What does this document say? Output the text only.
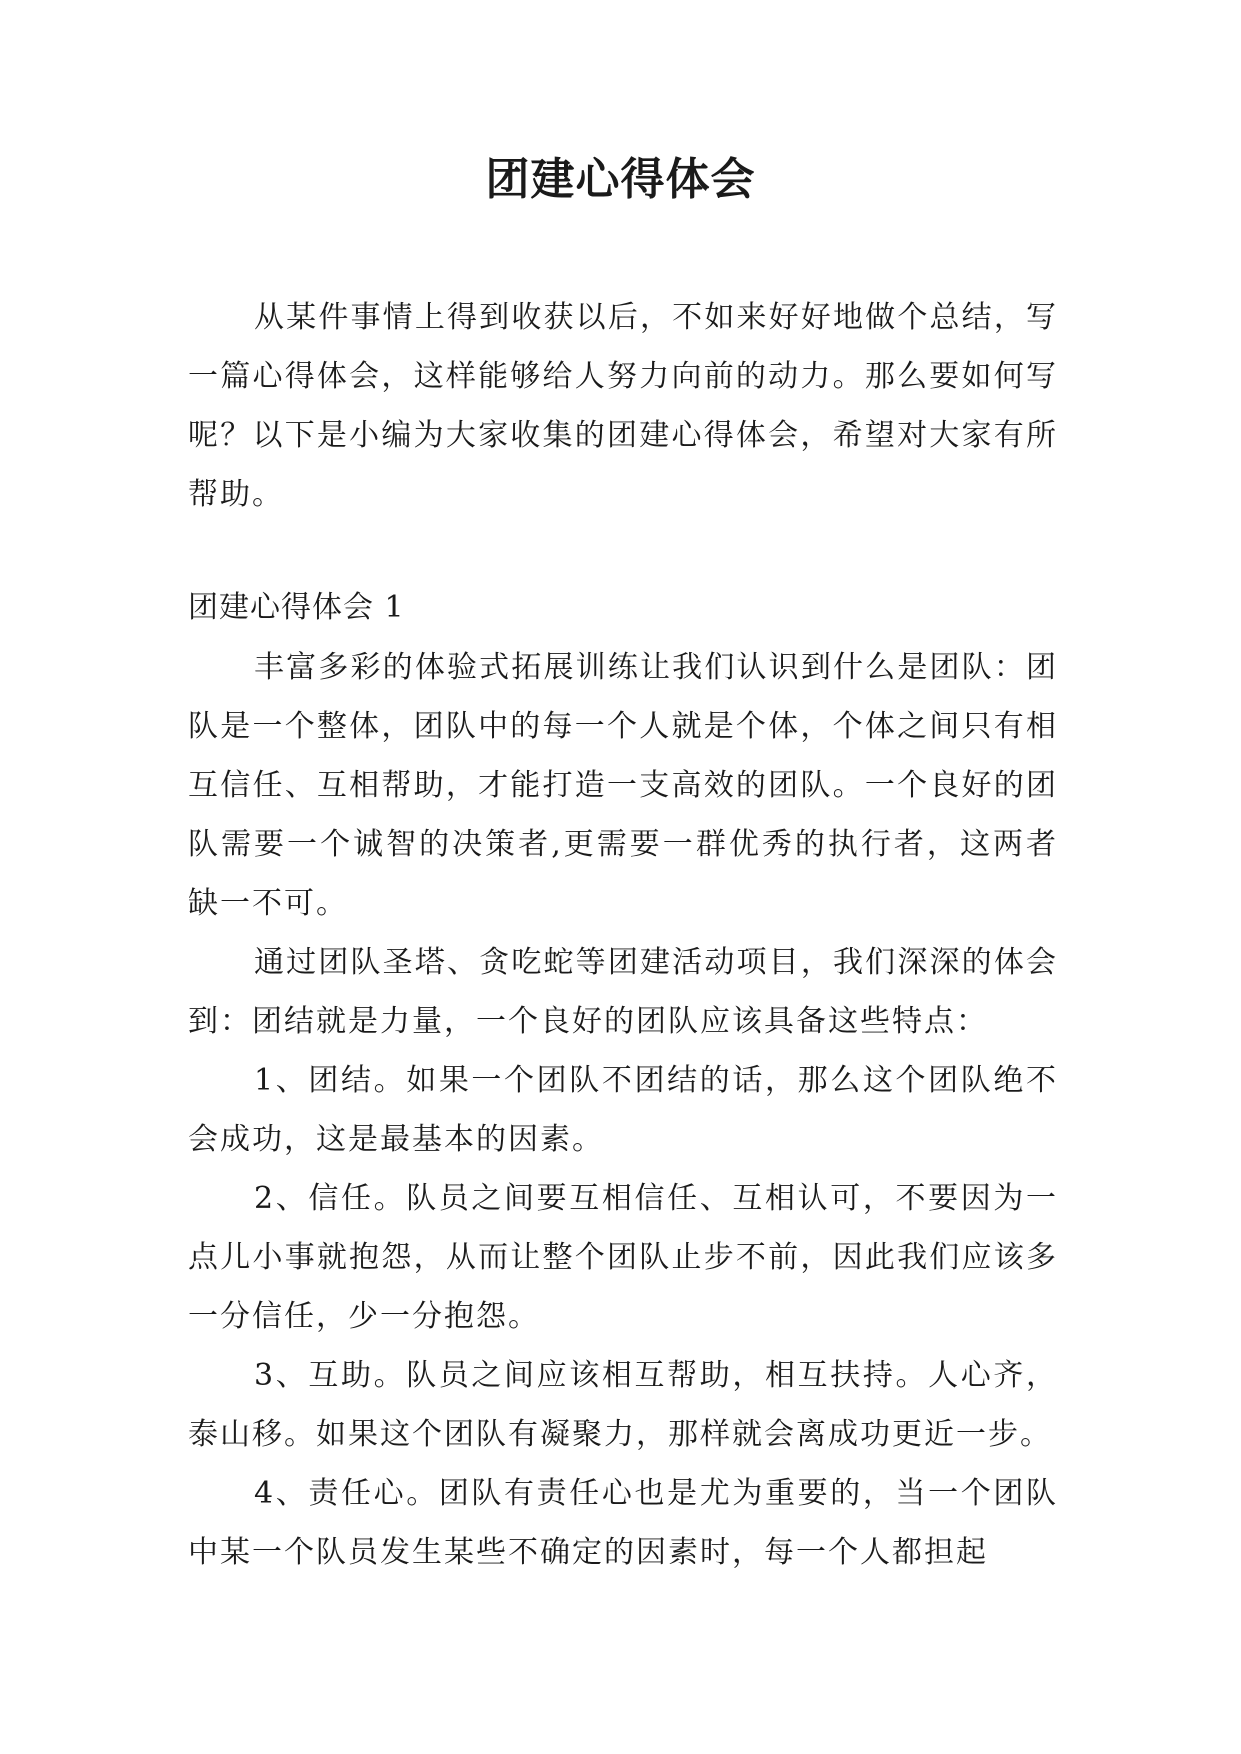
团建心得体会

从某件事情上得到收获以后，不如来好好地做个总结，写一篇心得体会，这样能够给人努力向前的动力。那么要如何写呢？以下是小编为大家收集的团建心得体会，希望对大家有所帮助。

团建心得体会 1

丰富多彩的体验式拓展训练让我们认识到什么是团队：团队是一个整体，团队中的每一个人就是个体，个体之间只有相互信任、互相帮助，才能打造一支高效的团队。一个良好的团队需要一个诚智的决策者,更需要一群优秀的执行者，这两者缺一不可。

通过团队圣塔、贪吃蛇等团建活动项目，我们深深的体会到：团结就是力量，一个良好的团队应该具备这些特点：

1、团结。如果一个团队不团结的话，那么这个团队绝不会成功，这是最基本的因素。

2、信任。队员之间要互相信任、互相认可，不要因为一点儿小事就抱怨，从而让整个团队止步不前，因此我们应该多一分信任，少一分抱怨。

3、互助。队员之间应该相互帮助，相互扶持。人心齐，泰山移。如果这个团队有凝聚力，那样就会离成功更近一步。

4、责任心。团队有责任心也是尤为重要的，当一个团队中某一个队员发生某些不确定的因素时，每一个人都担起
